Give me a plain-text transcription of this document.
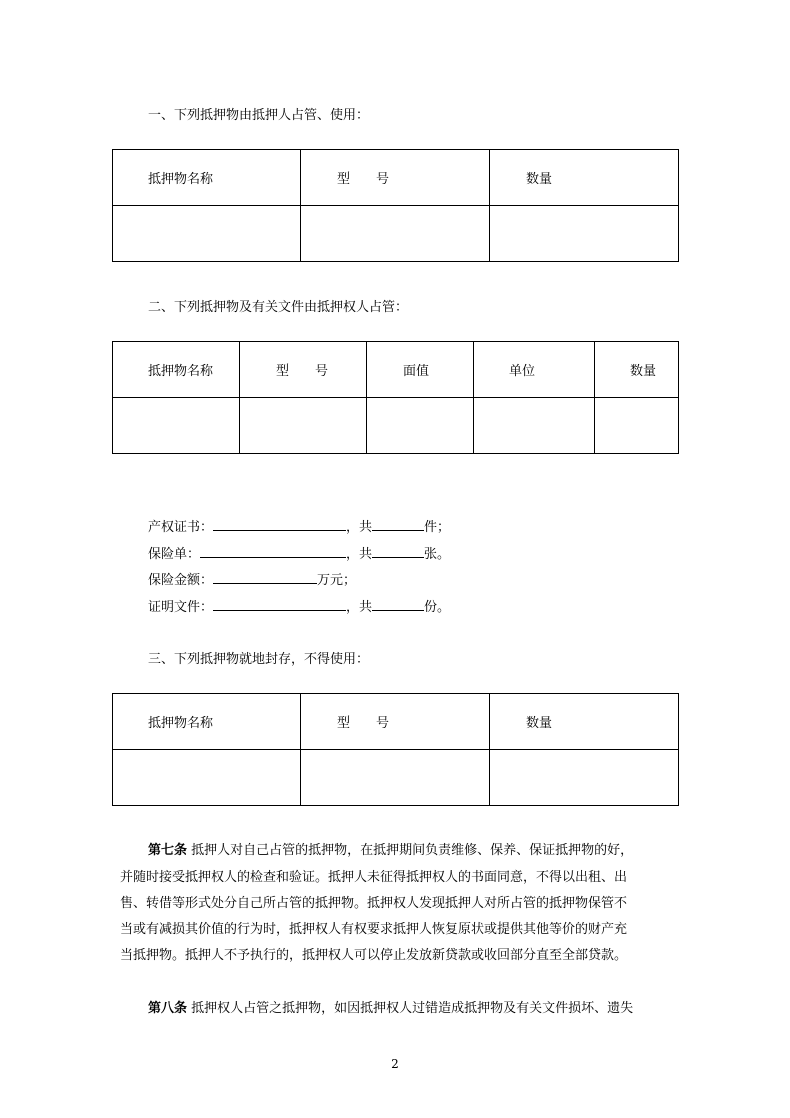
一、下列抵押物由抵押人占管、使用：
抵押物名称	型　　号	数量

二、下列抵押物及有关文件由抵押权人占管：
抵押物名称	型　　号	面值	单位	数量

产权证书：	，共	件；
保险单：	，共	张。
保险金额：	万元；
证明文件：	，共	份。
三、下列抵押物就地封存，不得使用：
抵押物名称	型　　号	数量

第七条 抵押人对自己占管的抵押物，在抵押期间负责维修、保养、保证抵押物的好，
并随时接受抵押权人的检查和验证。抵押人未征得抵押权人的书面同意，不得以出租、出
售、转借等形式处分自己所占管的抵押物。抵押权人发现抵押人对所占管的抵押物保管不
当或有减损其价值的行为时，抵押权人有权要求抵押人恢复原状或提供其他等价的财产充
当抵押物。抵押人不予执行的，抵押权人可以停止发放新贷款或收回部分直至全部贷款。
第八条 抵押权人占管之抵押物，如因抵押权人过错造成抵押物及有关文件损坏、遗失
2
